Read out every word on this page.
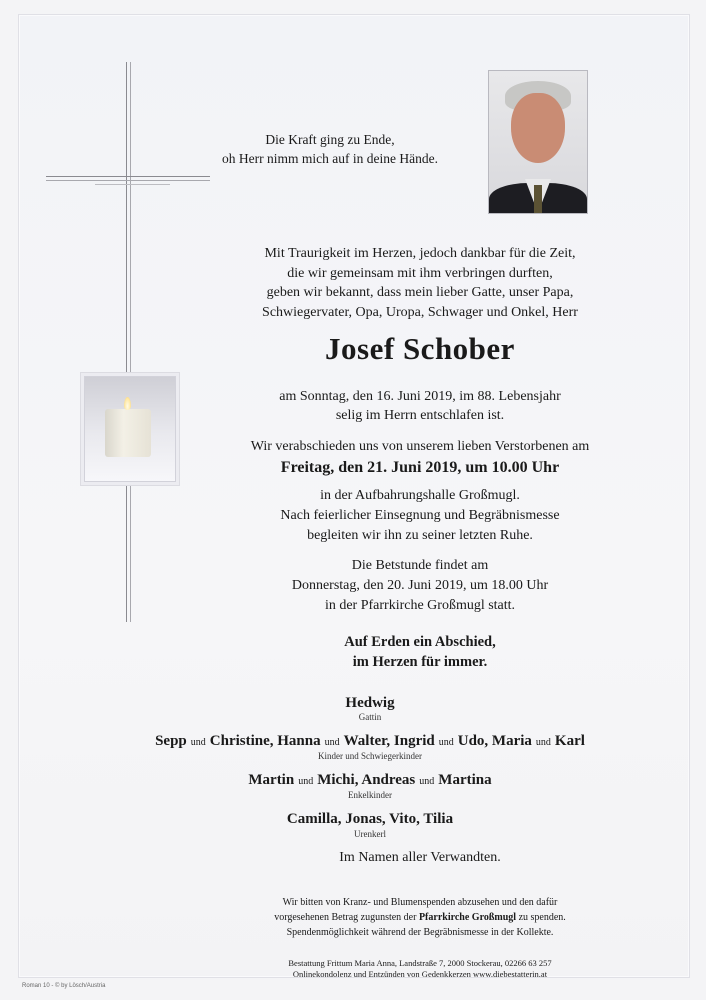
Die Kraft ging zu Ende,
oh Herr nimm mich auf in deine Hände.
Mit Traurigkeit im Herzen, jedoch dankbar für die Zeit,
die wir gemeinsam mit ihm verbringen durften,
geben wir bekannt, dass mein lieber Gatte, unser Papa,
Schwiegervater, Opa, Uropa, Schwager und Onkel, Herr
Josef Schober
am Sonntag, den 16. Juni 2019, im 88. Lebensjahr
selig im Herrn entschlafen ist.
Wir verabschieden uns von unserem lieben Verstorbenen am
Freitag, den 21. Juni 2019, um 10.00 Uhr
in der Aufbahrungshalle Großmugl.
Nach feierlicher Einsegnung und Begräbnismesse
begleiten wir ihn zu seiner letzten Ruhe.
Die Betstunde findet am
Donnerstag, den 20. Juni 2019, um 18.00 Uhr
in der Pfarrkirche Großmugl statt.
Auf Erden ein Abschied,
im Herzen für immer.
Hedwig
Gattin
Sepp und Christine, Hanna und Walter, Ingrid und Udo, Maria und Karl
Kinder und Schwiegerkinder
Martin und Michi, Andreas und Martina
Enkelkinder
Camilla, Jonas, Vito, Tilia
Urenkerl
Im Namen aller Verwandten.
Wir bitten von Kranz- und Blumenspenden abzusehen und den dafür
vorgesehenen Betrag zugunsten der Pfarrkirche Großmugl zu spenden.
Spendenmöglichkeit während der Begräbnismesse in der Kollekte.
Bestattung Frittum Maria Anna, Landstraße 7, 2000 Stockerau, 02266 63 257
Onlinekondolenz und Entzünden von Gedenkkerzen www.diebestatterin.at
Roman 10 - © by Lösch/Austria
